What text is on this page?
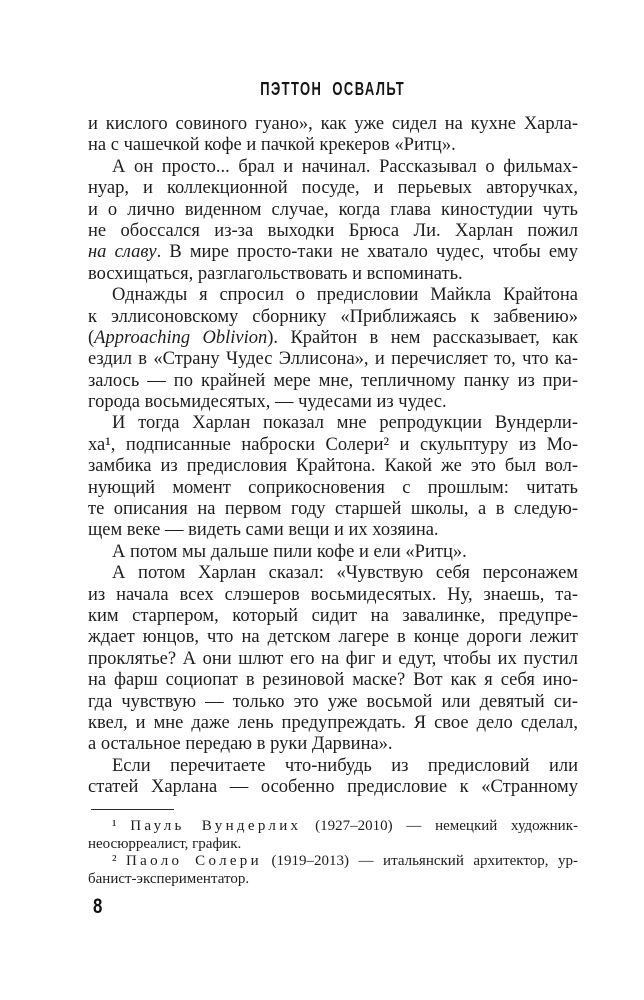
ПЭТТОН ОСВАЛЬТ
и кислого совиного гуано», как уже сидел на кухне Харла-
на с чашечкой кофе и пачкой крекеров «Ритц».
А он просто... брал и начинал. Рассказывал о фильмах-
нуар, и коллекционной посуде, и перьевых авторучках,
и о лично виденном случае, когда глава киностудии чуть
не обоссался из-за выходки Брюса Ли. Харлан пожил
на славу. В мире просто-таки не хватало чудес, чтобы ему
восхищаться, разглагольствовать и вспоминать.
Однажды я спросил о предисловии Майкла Крайтона
к эллисоновскому сборнику «Приближаясь к забвению»
(Approaching Oblivion). Крайтон в нем рассказывает, как
ездил в «Страну Чудес Эллисона», и перечисляет то, что ка-
залось — по крайней мере мне, тепличному панку из при-
города восьмидесятых, — чудесами из чудес.
И тогда Харлан показал мне репродукции Вундерли-
ха¹, подписанные наброски Солери² и скульптуру из Мо-
замбика из предисловия Крайтона. Какой же это был вол-
нующий момент соприкосновения с прошлым: читать
те описания на первом году старшей школы, а в следую-
щем веке — видеть сами вещи и их хозяина.
А потом мы дальше пили кофе и ели «Ритц».
А потом Харлан сказал: «Чувствую себя персонажем
из начала всех слэшеров восьмидесятых. Ну, знаешь, та-
ким старпером, который сидит на завалинке, предупре-
ждает юнцов, что на детском лагере в конце дороги лежит
проклятье? А они шлют его на фиг и едут, чтобы их пустил
на фарш социопат в резиновой маске? Вот как я себя ино-
гда чувствую — только это уже восьмой или девятый си-
квел, и мне даже лень предупреждать. Я свое дело сделал,
а остальное передаю в руки Дарвина».
Если перечитаете что-нибудь из предисловий или
статей Харлана — особенно предисловие к «Странному
¹ Пауль Вундерлих (1927–2010) — немецкий художник-
неосюрреалист, график.
² Паоло Солери (1919–2013) — итальянский архитектор, ур-
банист-экспериментатор.
8
